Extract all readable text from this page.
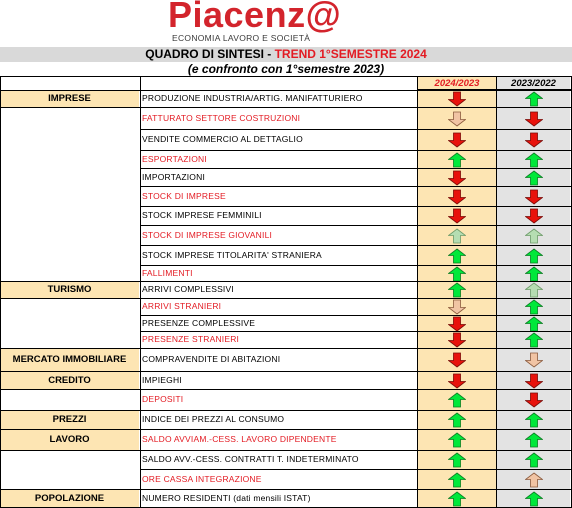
Piacenz@
ECONOMIA LAVORO E SOCIETÀ
QUADRO DI SINTESI - TREND 1°SEMESTRE 2024
(e confronto con 1°semestre 2023)
2024/2023	2023/2022
PRODUZIONE INDUSTRIA/ARTIG. MANIFATTURIERO
FATTURATO SETTORE COSTRUZIONI
VENDITE COMMERCIO AL DETTAGLIO
ESPORTAZIONI
IMPORTAZIONI
STOCK DI IMPRESE
STOCK IMPRESE FEMMINILI
STOCK DI IMPRESE GIOVANILI
STOCK IMPRESE TITOLARITA' STRANIERA
FALLIMENTI
ARRIVI COMPLESSIVI
ARRIVI STRANIERI
PRESENZE COMPLESSIVE
PRESENZE STRANIERI
COMPRAVENDITE DI ABITAZIONI
IMPIEGHI
DEPOSITI
INDICE DEI PREZZI AL CONSUMO
SALDO AVVIAM.-CESS. LAVORO DIPENDENTE
SALDO AVV.-CESS. CONTRATTI T. INDETERMINATO
ORE CASSA INTEGRAZIONE
NUMERO RESIDENTI (dati mensili ISTAT)
IMPRESE
TURISMO
MERCATO IMMOBILIARE
CREDITO
PREZZI
LAVORO
POPOLAZIONE
